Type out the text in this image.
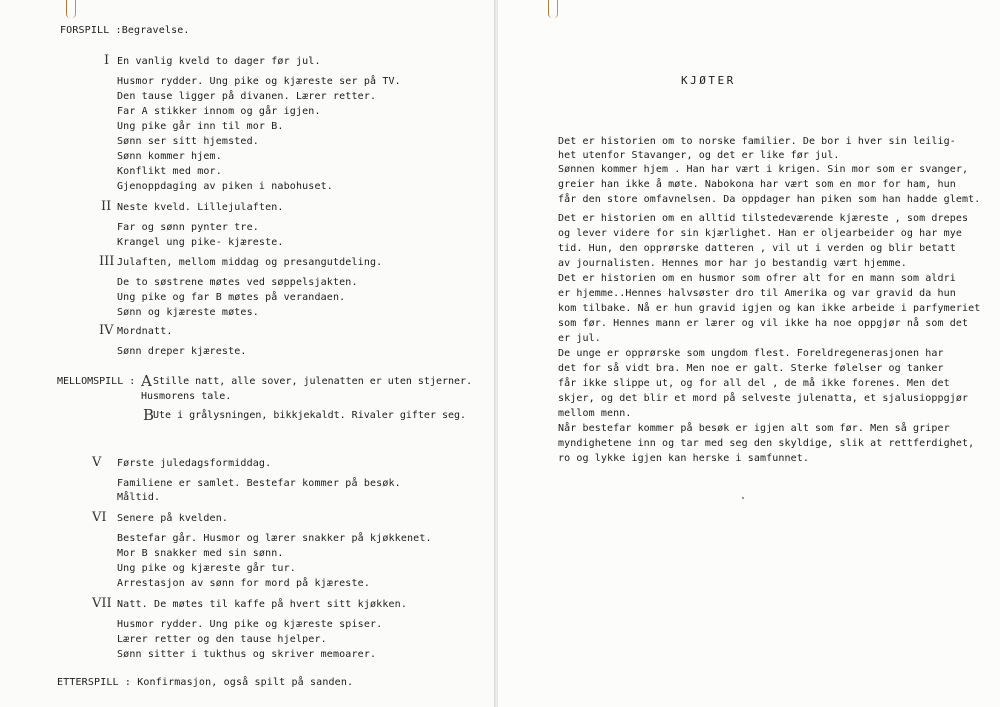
FORSPILL :Begravelse.
I En vanlig kveld to dager før jul.
Husmor rydder. Ung pike og kjæreste ser på TV.
Den tause ligger på divanen. Lærer retter.
Far A stikker innom og går igjen.
Ung pike går inn til mor B.
Sønn ser sitt hjemsted.
Sønn kommer hjem.
Konflikt med mor.
Gjenoppdaging av piken i nabohuset.
II Neste kveld. Lillejulaften.
Far og sønn pynter tre.
Krangel ung pike- kjæreste.
III Julaften, mellom middag og presangutdeling.
De to søstrene møtes ved søppelsjakten.
Ung pike og far B møtes på verandaen.
Sønn og kjæreste møtes.
IV Mordnatt.
Sønn dreper kjæreste.
MELLOMSPILL : A Stille natt, alle sover, julenatten er uten stjerner.
Husmorens tale.
B
Ute i grålysningen, bikkjekaldt. Rivaler gifter seg.
V Første juledagsformiddag.
Familiene er samlet. Bestefar kommer på besøk.
Måltid.
VI Senere på kvelden.
Bestefar går. Husmor og lærer snakker på kjøkkenet.
Mor B snakker med sin sønn.
Ung pike og kjæreste går tur.
Arrestasjon av sønn for mord på kjæreste.
VII Natt. De møtes til kaffe på hvert sitt kjøkken.
Husmor rydder. Ung pike og kjæreste spiser.
Lærer retter og den tause hjelper.
Sønn sitter i tukthus og skriver memoarer.
ETTERSPILL : Konfirmasjon, også spilt på sanden.
KJØTER
Det er historien om to norske familier. De bor i hver sin leilig-
het utenfor Stavanger, og det er like før jul.
Sønnen kommer hjem . Han har vært i krigen. Sin mor som er svanger,
greier han ikke å møte. Nabokona har vært som en mor for ham, hun
får den store omfavnelsen. Da oppdager han piken som han hadde glemt.
Det er historien om en alltid tilstedeværende kjæreste , som drepes
og lever videre for sin kjærlighet. Han er oljearbeider og har mye
tid. Hun, den opprørske datteren , vil ut i verden og blir betatt
av journalisten. Hennes mor har jo bestandig vært hjemme.
Det er historien om en husmor som ofrer alt for en mann som aldri
er hjemme..Hennes halvsøster dro til Amerika og var gravid da hun
kom tilbake. Nå er hun gravid igjen og kan ikke arbeide i parfymeriet
som før. Hennes mann er lærer og vil ikke ha noe oppgjør nå som det
er jul.
De unge er opprørske som ungdom flest. Foreldregenerasjonen har
det for så vidt bra. Men noe er galt. Sterke følelser og tanker
får ikke slippe ut, og for all del , de må ikke forenes. Men det
skjer, og det blir et mord på selveste julenatta, et sjalusioppgjør
mellom menn.
Når bestefar kommer på besøk er igjen alt som før. Men så griper
myndighetene inn og tar med seg den skyldige, slik at rettferdighet,
ro og lykke igjen kan herske i samfunnet.
